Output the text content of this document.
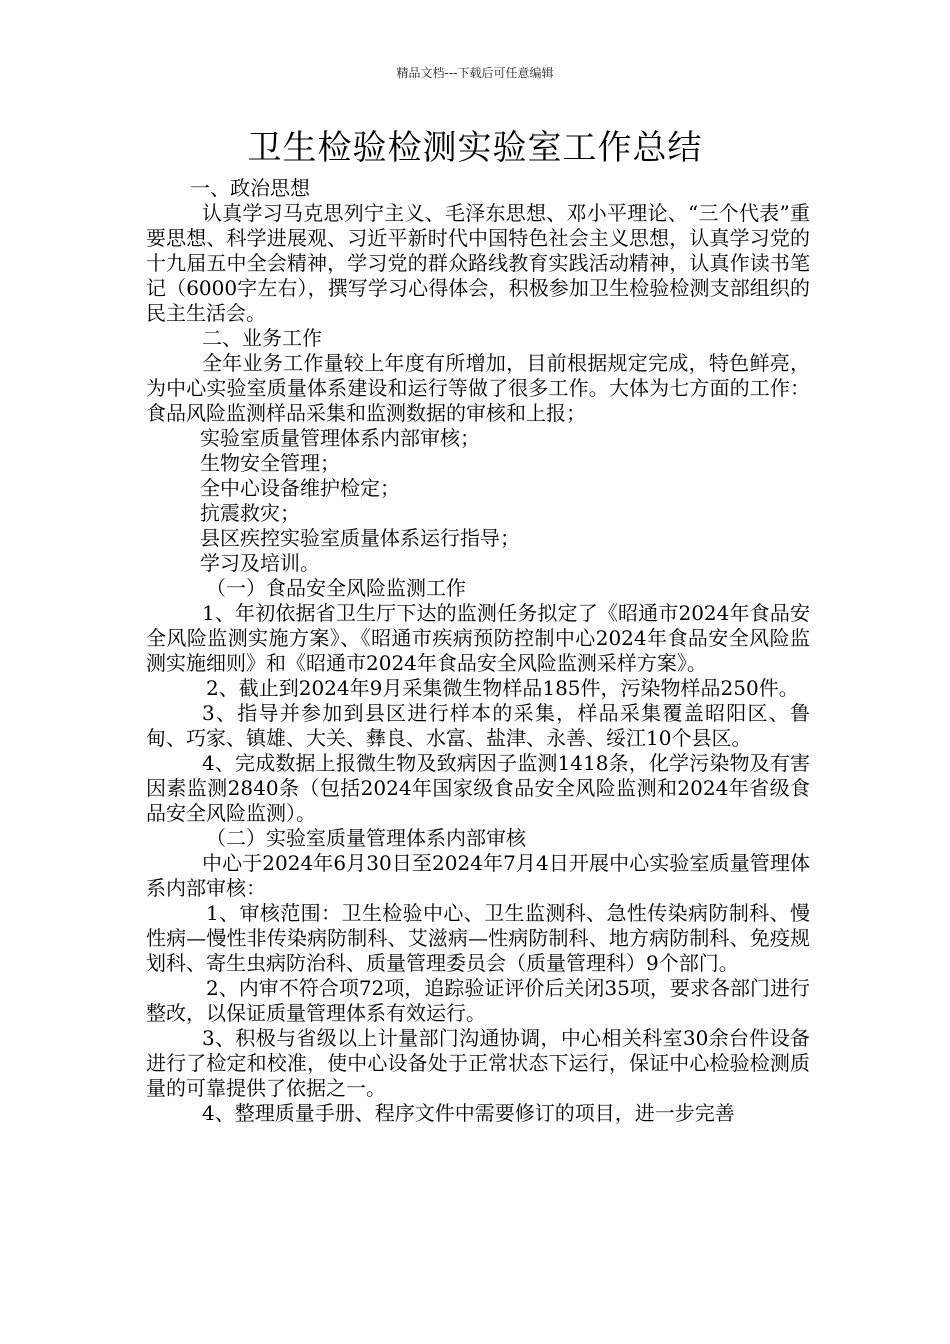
精品文档---下载后可任意编辑
卫生检验检测实验室工作总结

一、政治思想

认真学习马克思列宁主义、毛泽东思想、邓小平理论、“三个代表”重要思想、科学进展观、习近平新时代中国特色社会主义思想，认真学习党的十九届五中全会精神，学习党的群众路线教育实践活动精神，认真作读书笔记（6000字左右），撰写学习心得体会，积极参加卫生检验检测支部组织的民主生活会。

二、业务工作

全年业务工作量较上年度有所增加，目前根据规定完成，特色鲜亮，为中心实验室质量体系建设和运行等做了很多工作。大体为七方面的工作：食品风险监测样品采集和监测数据的审核和上报；

实验室质量管理体系内部审核；

生物安全管理；

全中心设备维护检定；

抗震救灾；

县区疾控实验室质量体系运行指导；

学习及培训。

（一）食品安全风险监测工作

1、年初依据省卫生厅下达的监测任务拟定了《昭通市2024年食品安全风险监测实施方案》、《昭通市疾病预防控制中心2024年食品安全风险监测实施细则》和《昭通市2024年食品安全风险监测采样方案》。

2、截止到2024年9月采集微生物样品185件，污染物样品250件。

3、指导并参加到县区进行样本的采集，样品采集覆盖昭阳区、鲁甸、巧家、镇雄、大关、彝良、水富、盐津、永善、绥江10个县区。

4、完成数据上报微生物及致病因子监测1418条，化学污染物及有害因素监测2840条（包括2024年国家级食品安全风险监测和2024年省级食品安全风险监测）。

（二）实验室质量管理体系内部审核

中心于2024年6月30日至2024年7月4日开展中心实验室质量管理体系内部审核：

1、审核范围：卫生检验中心、卫生监测科、急性传染病防制科、慢性病—慢性非传染病防制科、艾滋病—性病防制科、地方病防制科、免疫规划科、寄生虫病防治科、质量管理委员会（质量管理科）9个部门。

2、内审不符合项72项，追踪验证评价后关闭35项，要求各部门进行整改，以保证质量管理体系有效运行。

3、积极与省级以上计量部门沟通协调，中心相关科室30余台件设备进行了检定和校准，使中心设备处于正常状态下运行，保证中心检验检测质量的可靠提供了依据之一。

4、整理质量手册、程序文件中需要修订的项目，进一步完善
